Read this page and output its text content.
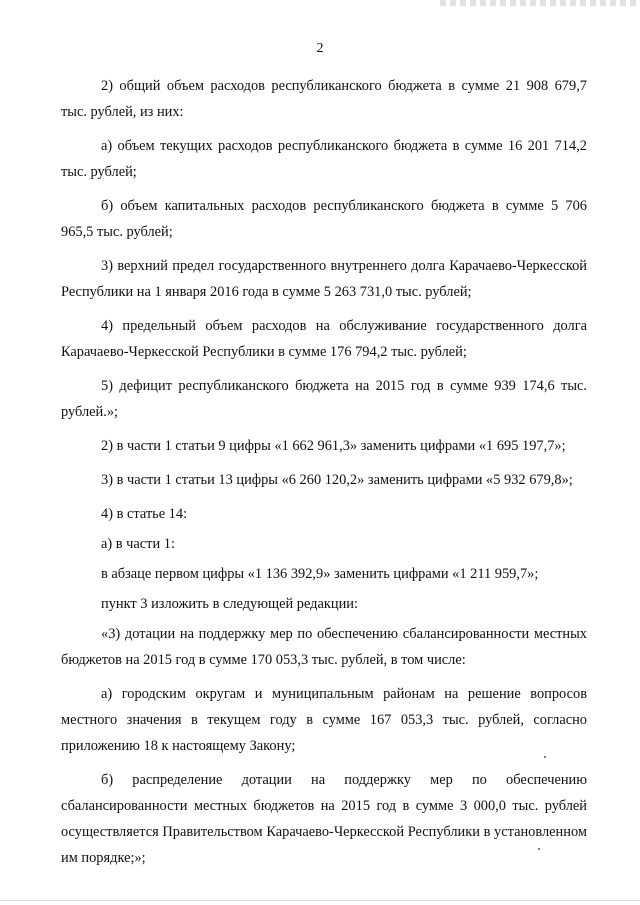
2

2) общий объем расходов республиканского бюджета в сумме 21 908 679,7 тыс. рублей, из них:

а) объем текущих расходов республиканского бюджета в сумме 16 201 714,2 тыс. рублей;

б) объем капитальных расходов республиканского бюджета в сумме 5 706 965,5 тыс. рублей;

3) верхний предел государственного внутреннего долга Карачаево-Черкесской Республики на 1 января 2016 года в сумме 5 263 731,0 тыс. рублей;

4) предельный объем расходов на обслуживание государственного долга Карачаево-Черкесской Республики в сумме 176 794,2 тыс. рублей;

5) дефицит республиканского бюджета на 2015 год в сумме 939 174,6 тыс. рублей.»;

2) в части 1 статьи 9 цифры «1 662 961,3» заменить цифрами «1 695 197,7»;

3) в части 1 статьи 13 цифры «6 260 120,2» заменить цифрами «5 932 679,8»;

4) в статье 14:

а) в части 1:

в абзаце первом цифры «1 136 392,9» заменить цифрами «1 211 959,7»;

пункт 3 изложить в следующей редакции:

«3) дотации на поддержку мер по обеспечению сбалансированности местных бюджетов на 2015 год в сумме 170 053,3 тыс. рублей, в том числе:

а) городским округам и муниципальным районам на решение вопросов местного значения в текущем году в сумме 167 053,3 тыс. рублей, согласно приложению 18 к настоящему Закону;

б) распределение дотации на поддержку мер по обеспечению сбалансированности местных бюджетов на 2015 год в сумме 3 000,0 тыс. рублей осуществляется Правительством Карачаево-Черкесской Республики в установленном им порядке;»;
